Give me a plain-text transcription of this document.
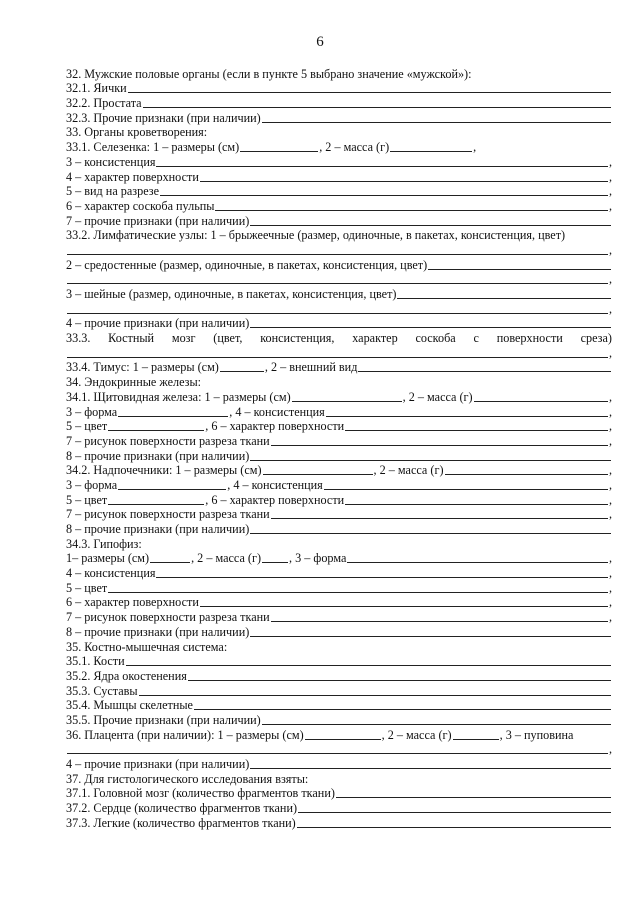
6
32. Мужские половые органы (если в пункте 5 выбрано значение «мужской»):
32.1. Яички
32.2. Простата
32.3. Прочие признаки (при наличии)
33. Органы кроветворения:
33.1. Селезенка: 1 – размеры (см)	, 2 – масса (г)	,
3 – консистенция	,
4 – характер поверхности	,
5 – вид на разрезе	,
6 – характер соскоба пульпы	,
7 – прочие признаки (при наличии)
33.2. Лимфатические узлы: 1 – брыжеечные (размер, одиночные, в пакетах, консистенция, цвет)
,
2 – средостенные (размер, одиночные, в пакетах, консистенция, цвет)
,
3 – шейные (размер, одиночные, в пакетах, консистенция, цвет)
,
4 – прочие признаки (при наличии)
33.3. Костный мозг (цвет, консистенция, характер соскоба с поверхности среза)
,
33.4. Тимус: 1 – размеры (см)	, 2 – внешний вид
34. Эндокринные железы:
34.1. Щитовидная железа: 1 – размеры (см)	, 2 – масса (г)	,
3 – форма	, 4 – консистенция	,
5 – цвет	, 6 – характер поверхности	,
7 – рисунок поверхности разреза ткани	,
8 – прочие признаки (при наличии)
34.2. Надпочечники: 1 – размеры (см)	, 2 – масса (г)	,
3 – форма	, 4 – консистенция	,
5 – цвет	, 6 – характер поверхности	,
7 – рисунок поверхности разреза ткани	,
8 – прочие признаки (при наличии)
34.3. Гипофиз:
1– размеры (см)	, 2 – масса (г) , 3 – форма	,
4 – консистенция	,
5 – цвет	,
6 – характер поверхности	,
7 – рисунок поверхности разреза ткани	,
8 – прочие признаки (при наличии)
35. Костно-мышечная система:
35.1. Кости
35.2. Ядра окостенения
35.3. Суставы
35.4. Мышцы скелетные
35.5. Прочие признаки (при наличии)
36. Плацента (при наличии): 1 – размеры (см)	, 2 – масса (г)	, 3 – пуповина
,
4 – прочие признаки (при наличии)
37. Для гистологического исследования взяты:
37.1. Головной мозг (количество фрагментов ткани)
37.2. Сердце (количество фрагментов ткани)
37.3. Легкие (количество фрагментов ткани)
